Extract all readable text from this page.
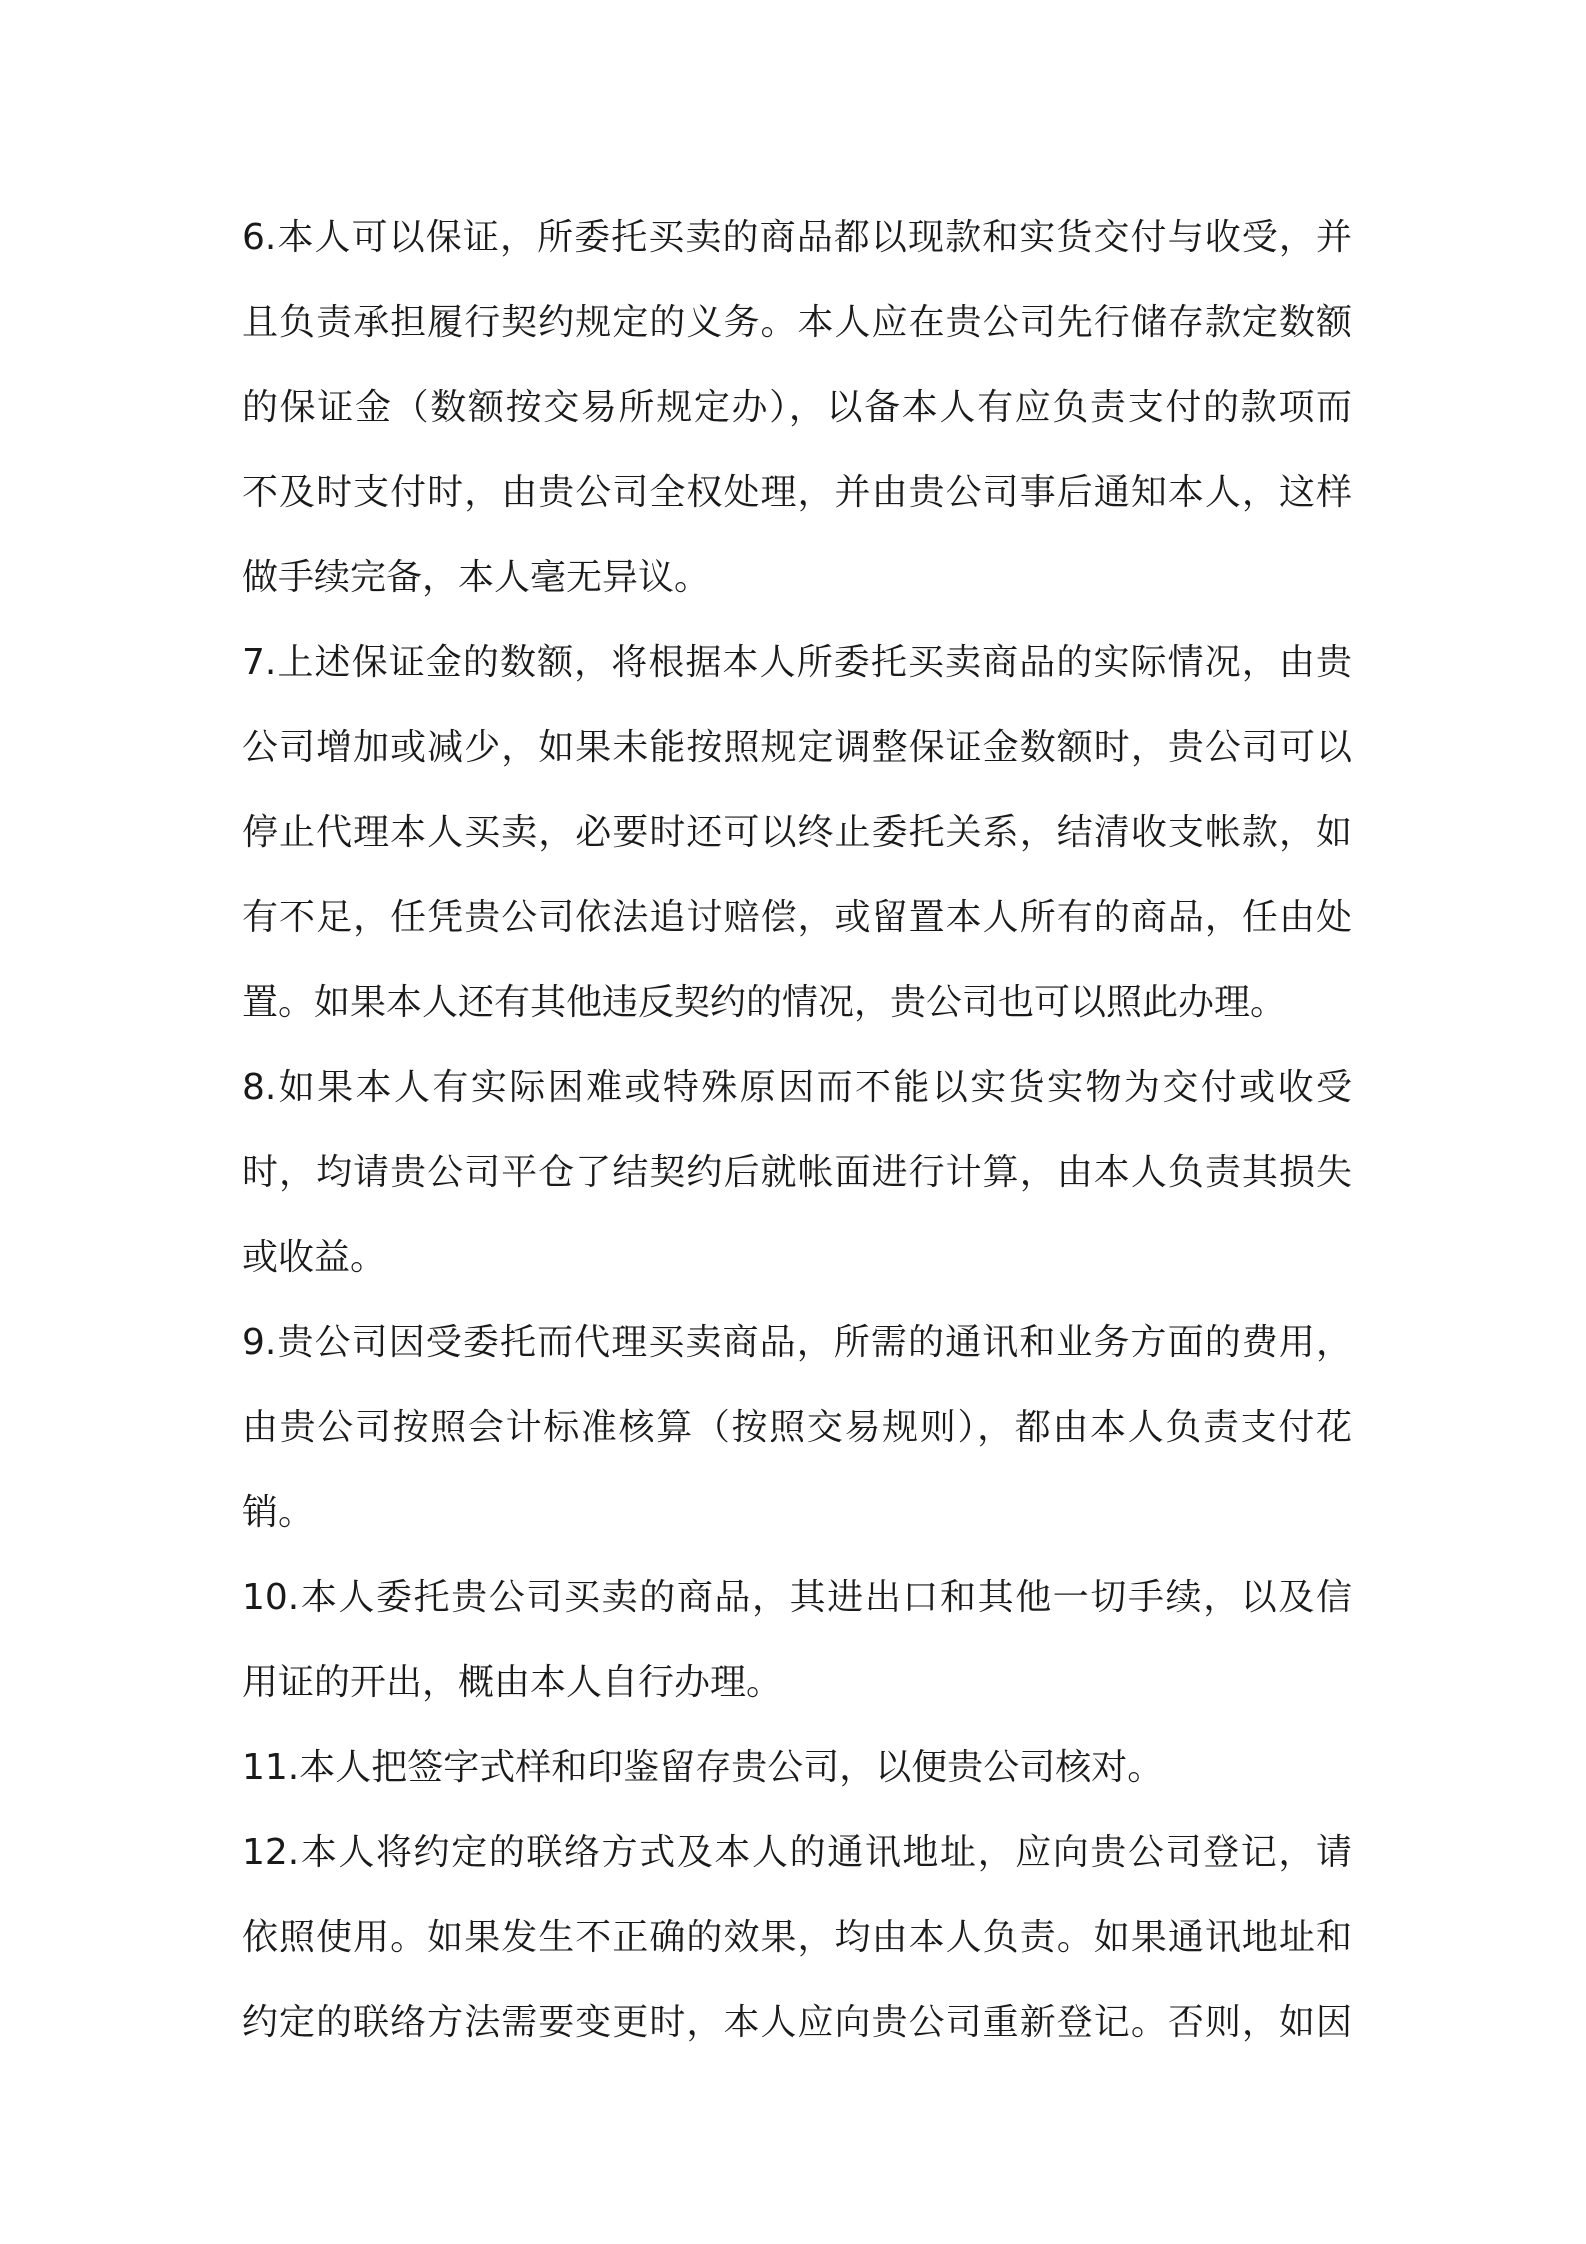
6.本人可以保证，所委托买卖的商品都以现款和实货交付与收受，并
且负责承担履行契约规定的义务。本人应在贵公司先行储存款定数额
的保证金（数额按交易所规定办），以备本人有应负责支付的款项而
不及时支付时，由贵公司全权处理，并由贵公司事后通知本人，这样
做手续完备，本人毫无异议。
7.上述保证金的数额，将根据本人所委托买卖商品的实际情况，由贵
公司增加或减少，如果未能按照规定调整保证金数额时，贵公司可以
停止代理本人买卖，必要时还可以终止委托关系，结清收支帐款，如
有不足，任凭贵公司依法追讨赔偿，或留置本人所有的商品，任由处
置。如果本人还有其他违反契约的情况，贵公司也可以照此办理。
8.如果本人有实际困难或特殊原因而不能以实货实物为交付或收受
时，均请贵公司平仓了结契约后就帐面进行计算，由本人负责其损失
或收益。
9.贵公司因受委托而代理买卖商品，所需的通讯和业务方面的费用，
由贵公司按照会计标准核算（按照交易规则），都由本人负责支付花
销。
10.本人委托贵公司买卖的商品，其进出口和其他一切手续，以及信
用证的开出，概由本人自行办理。
11.本人把签字式样和印鉴留存贵公司，以便贵公司核对。
12.本人将约定的联络方式及本人的通讯地址，应向贵公司登记，请
依照使用。如果发生不正确的效果，均由本人负责。如果通讯地址和
约定的联络方法需要变更时，本人应向贵公司重新登记。否则，如因
